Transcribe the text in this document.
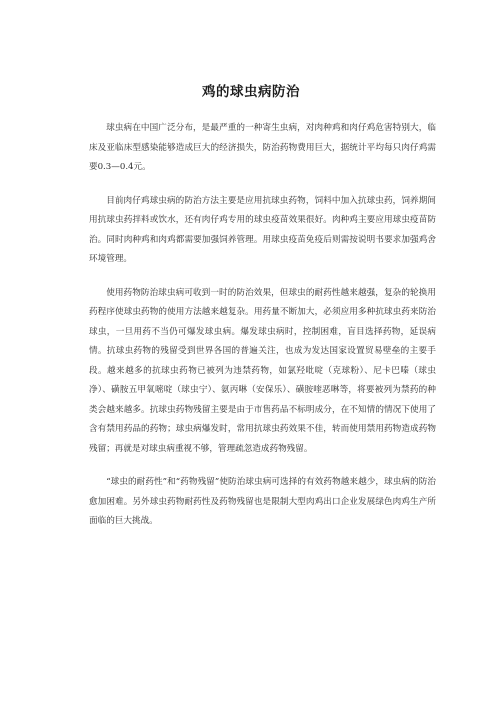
鸡的球虫病防治

球虫病在中国广泛分布，是最严重的一种寄生虫病，对肉种鸡和肉仔鸡危害特别大，临床及亚临床型感染能够造成巨大的经济损失，防治药物费用巨大，据统计平均每只肉仔鸡需要0.3—0.4元。

目前肉仔鸡球虫病的防治方法主要是应用抗球虫药物，饲料中加入抗球虫药，饲养期间用抗球虫药拌料或饮水，还有肉仔鸡专用的球虫疫苗效果很好。肉种鸡主要应用球虫疫苗防治。同时肉种鸡和肉鸡都需要加强饲养管理。用球虫疫苗免疫后则需按说明书要求加强鸡舍环境管理。

使用药物防治球虫病可收到一时的防治效果，但球虫的耐药性越来越强，复杂的轮换用药程序使球虫药物的使用方法越来越复杂。用药量不断加大，必须应用多种抗球虫药来防治球虫，一旦用药不当仍可爆发球虫病。爆发球虫病时，控制困难，盲目选择药物，延误病情。抗球虫药物的残留受到世界各国的普遍关注，也成为发达国家设置贸易壁垒的主要手段。越来越多的抗球虫药物已被列为违禁药物，如氯羟吡啶（克球粉）、尼卡巴嗪（球虫净）、磺胺五甲氧嘧啶（球虫宁）、氨丙啉（安保乐）、磺胺喹恶啉等，将要被列为禁药的种类会越来越多。抗球虫药物残留主要是由于市售药品不标明成分，在不知情的情况下使用了含有禁用药品的药物；球虫病爆发时，常用抗球虫药效果不佳，转而使用禁用药物造成药物残留；再就是对球虫病重视不够，管理疏忽造成药物残留。

“球虫的耐药性”和“药物残留”使防治球虫病可选择的有效药物越来越少，球虫病的防治愈加困难。另外球虫药物耐药性及药物残留也是限制大型肉鸡出口企业发展绿色肉鸡生产所面临的巨大挑战。
